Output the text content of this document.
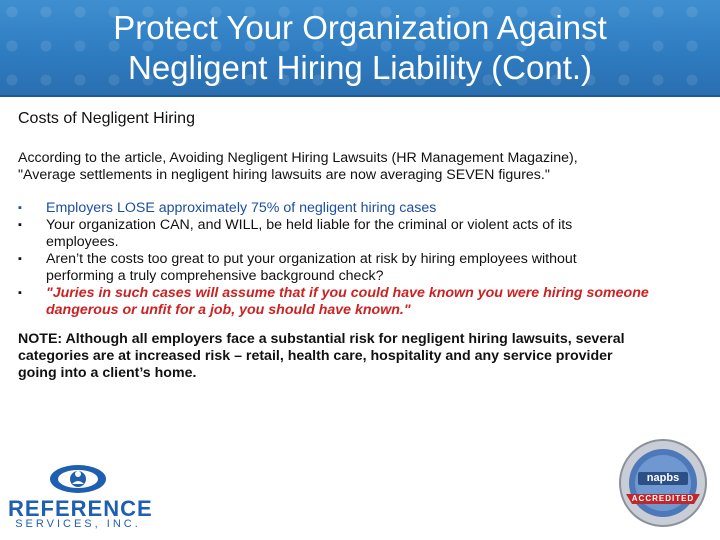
Protect Your Organization Against
Negligent Hiring Liability (Cont.)
Costs of Negligent Hiring
According to the article, Avoiding Negligent Hiring Lawsuits (HR Management Magazine),
"Average settlements in negligent hiring lawsuits are now averaging SEVEN figures."
▪ Employers LOSE approximately 75% of negligent hiring cases
▪ Your organization CAN, and WILL, be held liable for the criminal or violent acts of its
employees.
▪ Aren’t the costs too great to put your organization at risk by hiring employees without
performing a truly comprehensive background check?
▪ "Juries in such cases will assume that if you could have known you were hiring someone
dangerous or unfit for a job, you should have known."
NOTE: Although all employers face a substantial risk for negligent hiring lawsuits, several
categories are at increased risk – retail, health care, hospitality and any service provider
going into a client’s home.
REFERENCE
SERVICES, INC.
napbs
ACCREDITED
